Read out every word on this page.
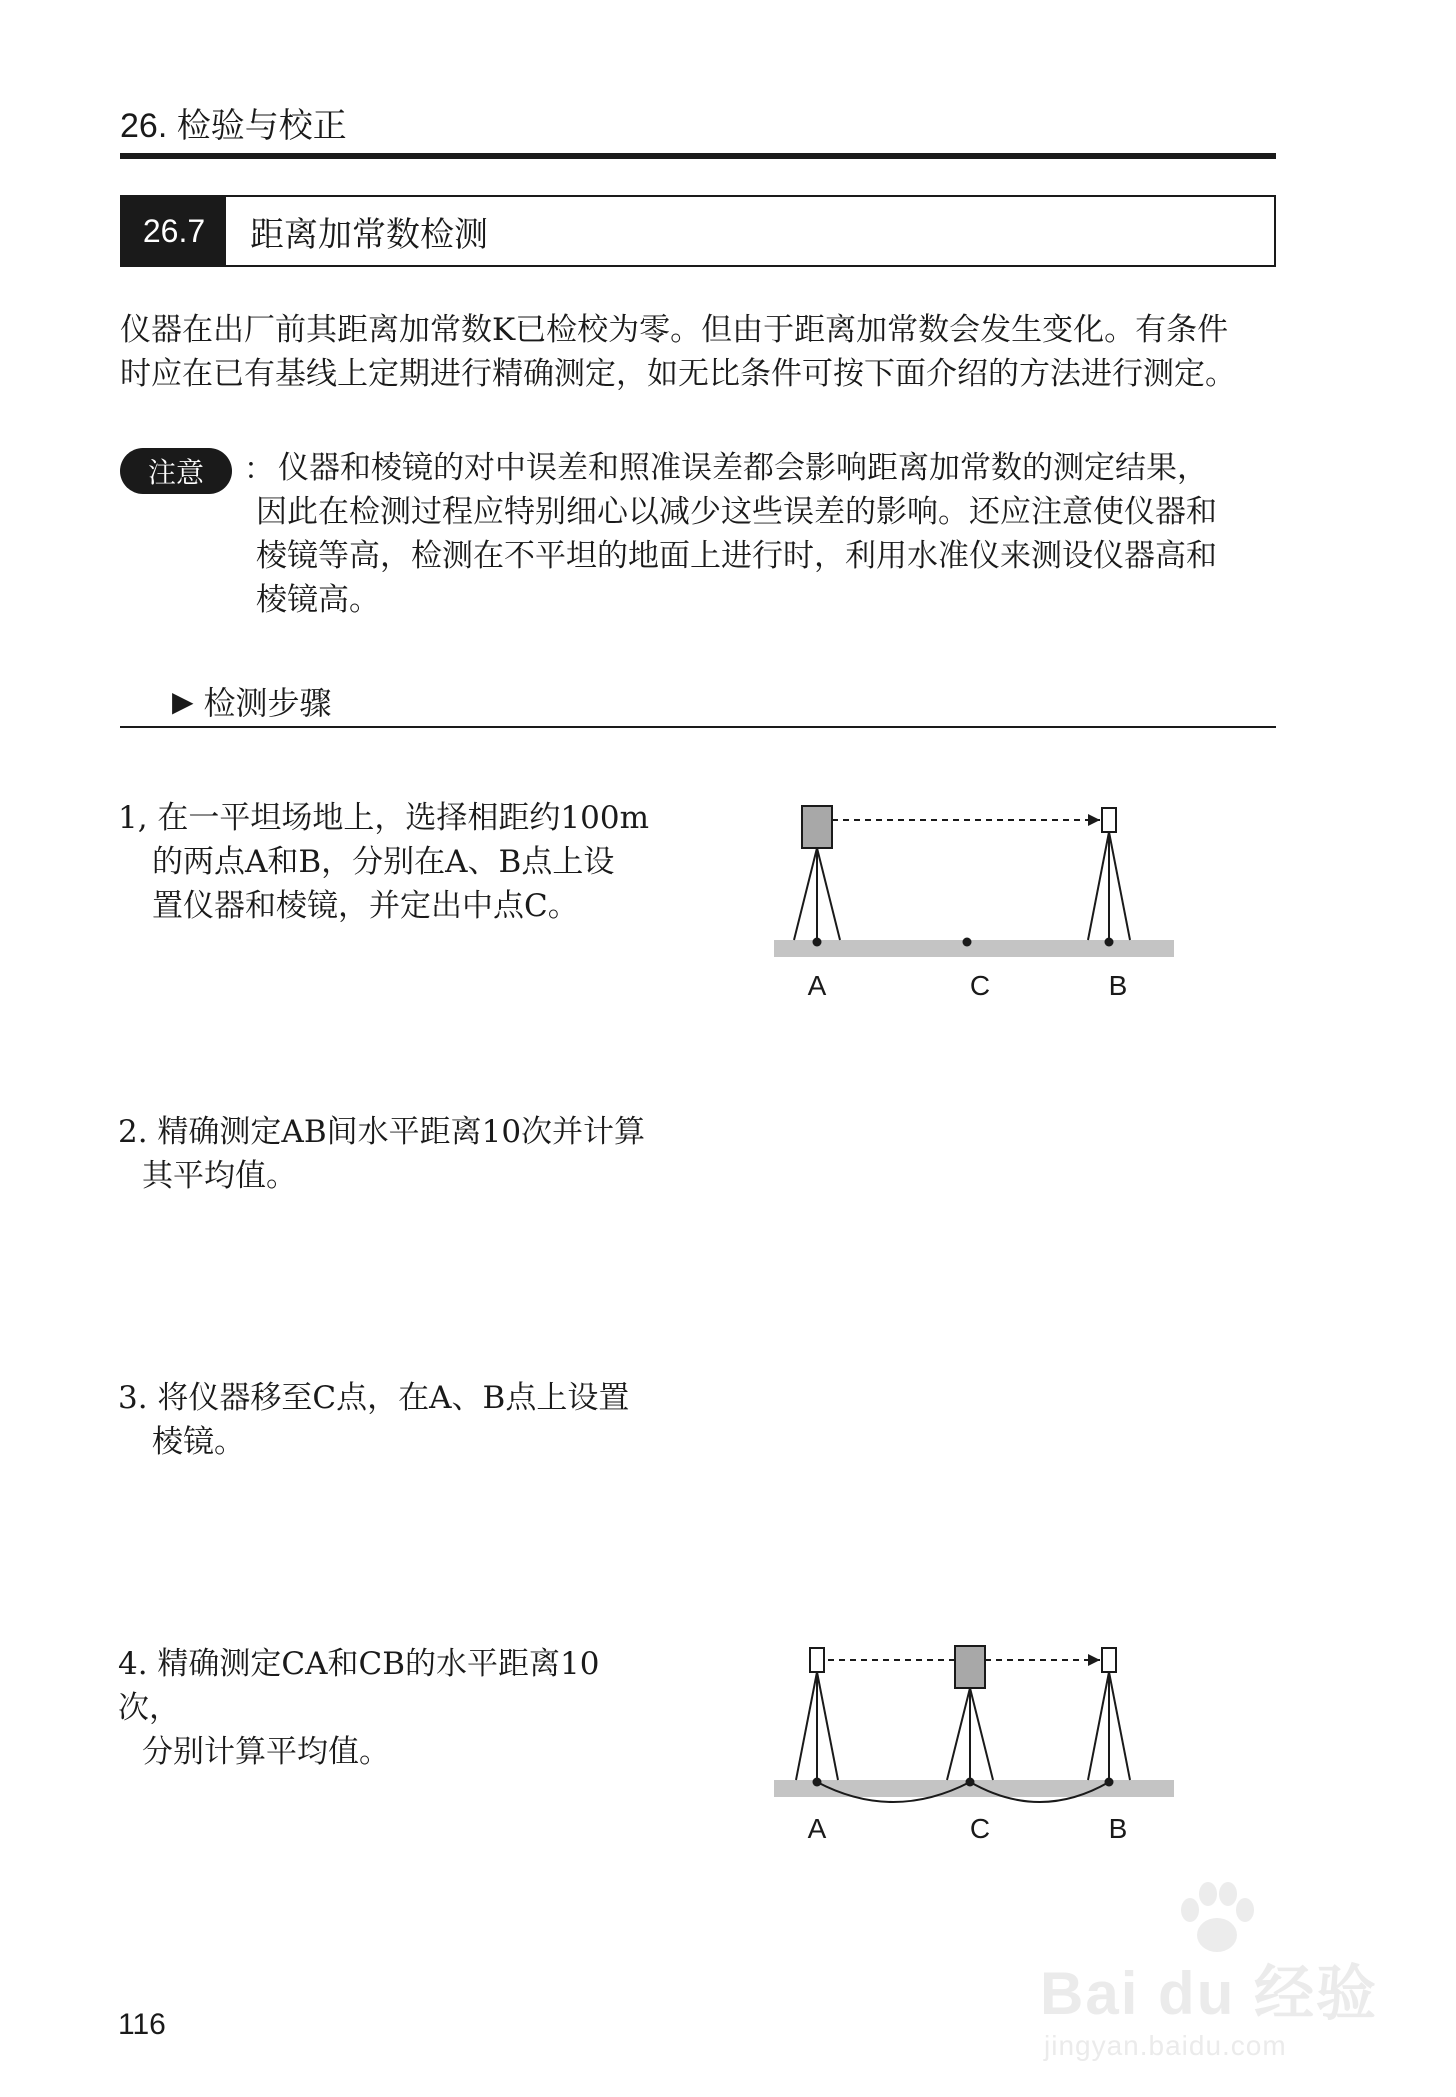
26. 检验与校正
26.7	距离加常数检测
仪器在出厂前其距离加常数K已检校为零。但由于距离加常数会发生变化。有条件
时应在已有基线上定期进行精确测定，如无比条件可按下面介绍的方法进行测定。
注意	： 仪器和棱镜的对中误差和照准误差都会影响距离加常数的测定结果，
因此在检测过程应特别细心以减少这些误差的影响。还应注意使仪器和
棱镜等高，检测在不平坦的地面上进行时，利用水准仪来测设仪器高和
棱镜高。
▶ 检测步骤
1, 在一平坦场地上，选择相距约100m
的两点A和B，分别在A、B点上设
置仪器和棱镜，并定出中点C。
2. 精确测定AB间水平距离10次并计算
其平均值。
3. 将仪器移至C点，在A、B点上设置
棱镜。
4. 精确测定CA和CB的水平距离10次，
分别计算平均值。
A	C	B
A	C	B
116	Bai du 经验
jingyan.baidu.com
